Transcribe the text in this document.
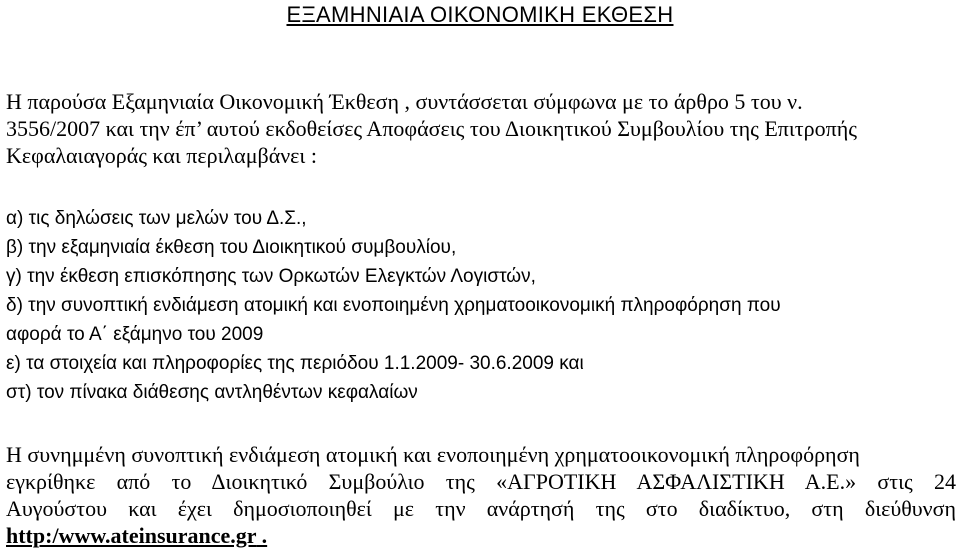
ΕΞΑΜΗΝΙΑΙΑ ΟΙΚΟΝΟΜΙΚΗ ΕΚΘΕΣΗ
Η παρούσα Εξαμηνιαία Οικονομική Έκθεση , συντάσσεται σύμφωνα με το άρθρο 5 του ν.
3556/2007 και την έπ’ αυτού εκδοθείσες Αποφάσεις του Διοικητικού Συμβουλίου της Επιτροπής
Κεφαλαιαγοράς και περιλαμβάνει :
α) τις δηλώσεις των μελών του Δ.Σ.,
β) την εξαμηνιαία έκθεση του Διοικητικού συμβουλίου,
γ) την έκθεση επισκόπησης των Ορκωτών Ελεγκτών Λογιστών,
δ) την συνοπτική ενδιάμεση ατομική και ενοποιημένη χρηματοοικονομική πληροφόρηση που
αφορά το Α΄ εξάμηνο του 2009
ε) τα στοιχεία και πληροφορίες της περιόδου 1.1.2009- 30.6.2009 και
στ) τον πίνακα διάθεσης αντληθέντων κεφαλαίων
Η συνημμένη συνοπτική ενδιάμεση ατομική και ενοποιημένη χρηματοοικονομική πληροφόρηση
εγκρίθηκε από το Διοικητικό Συμβούλιο της «ΑΓΡΟΤΙΚΗ ΑΣΦΑΛΙΣΤΙΚΗ Α.Ε.» στις 24
Αυγούστου και έχει δημοσιοποιηθεί με την ανάρτησή της στο διαδίκτυο, στη διεύθυνση
http:/www.ateinsurance.gr .
